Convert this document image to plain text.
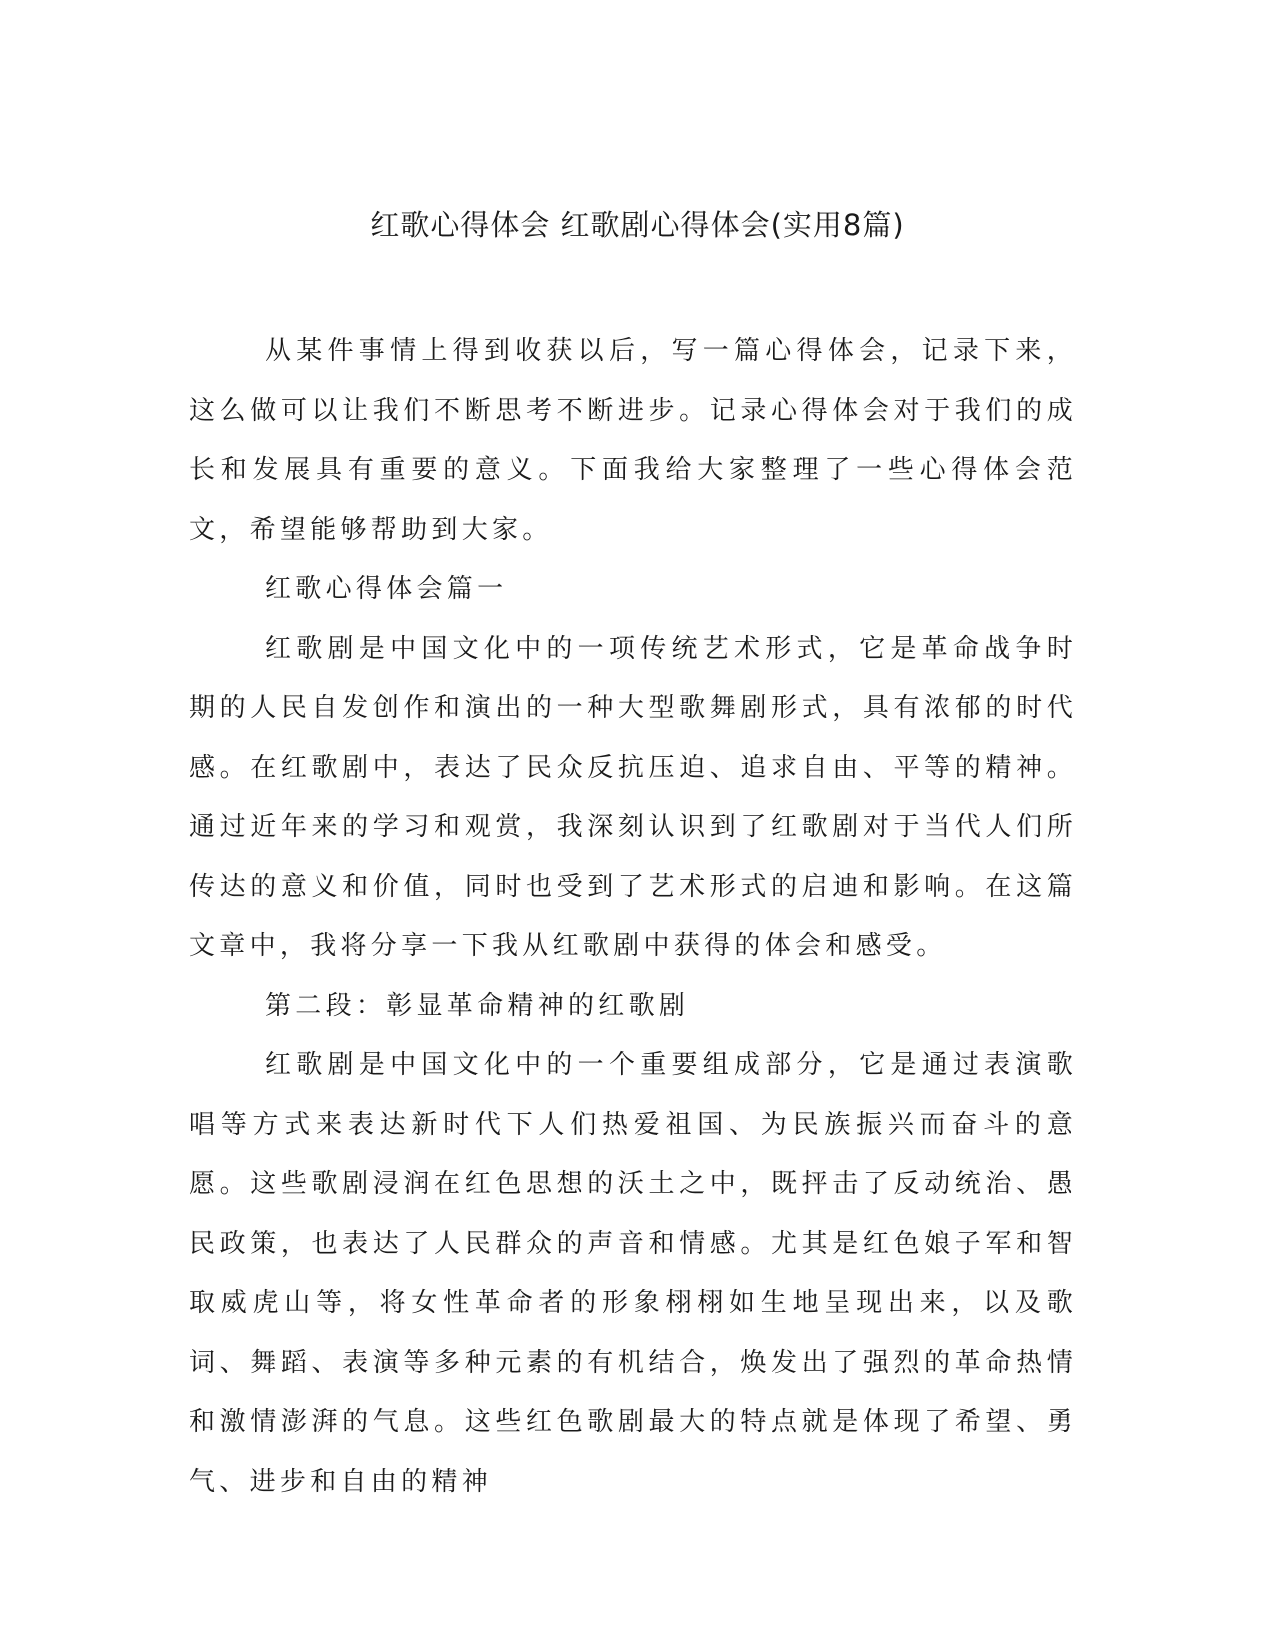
红歌心得体会 红歌剧心得体会(实用8篇)

从某件事情上得到收获以后，写一篇心得体会，记录下来，这么做可以让我们不断思考不断进步。记录心得体会对于我们的成长和发展具有重要的意义。下面我给大家整理了一些心得体会范文，希望能够帮助到大家。

红歌心得体会篇一

红歌剧是中国文化中的一项传统艺术形式，它是革命战争时期的人民自发创作和演出的一种大型歌舞剧形式，具有浓郁的时代感。在红歌剧中，表达了民众反抗压迫、追求自由、平等的精神。通过近年来的学习和观赏，我深刻认识到了红歌剧对于当代人们所传达的意义和价值，同时也受到了艺术形式的启迪和影响。在这篇文章中，我将分享一下我从红歌剧中获得的体会和感受。

第二段：彰显革命精神的红歌剧

红歌剧是中国文化中的一个重要组成部分，它是通过表演歌唱等方式来表达新时代下人们热爱祖国、为民族振兴而奋斗的意愿。这些歌剧浸润在红色思想的沃土之中，既抨击了反动统治、愚民政策，也表达了人民群众的声音和情感。尤其是红色娘子军和智取威虎山等，将女性革命者的形象栩栩如生地呈现出来，以及歌词、舞蹈、表演等多种元素的有机结合，焕发出了强烈的革命热情和激情澎湃的气息。这些红色歌剧最大的特点就是体现了希望、勇气、进步和自由的精神
